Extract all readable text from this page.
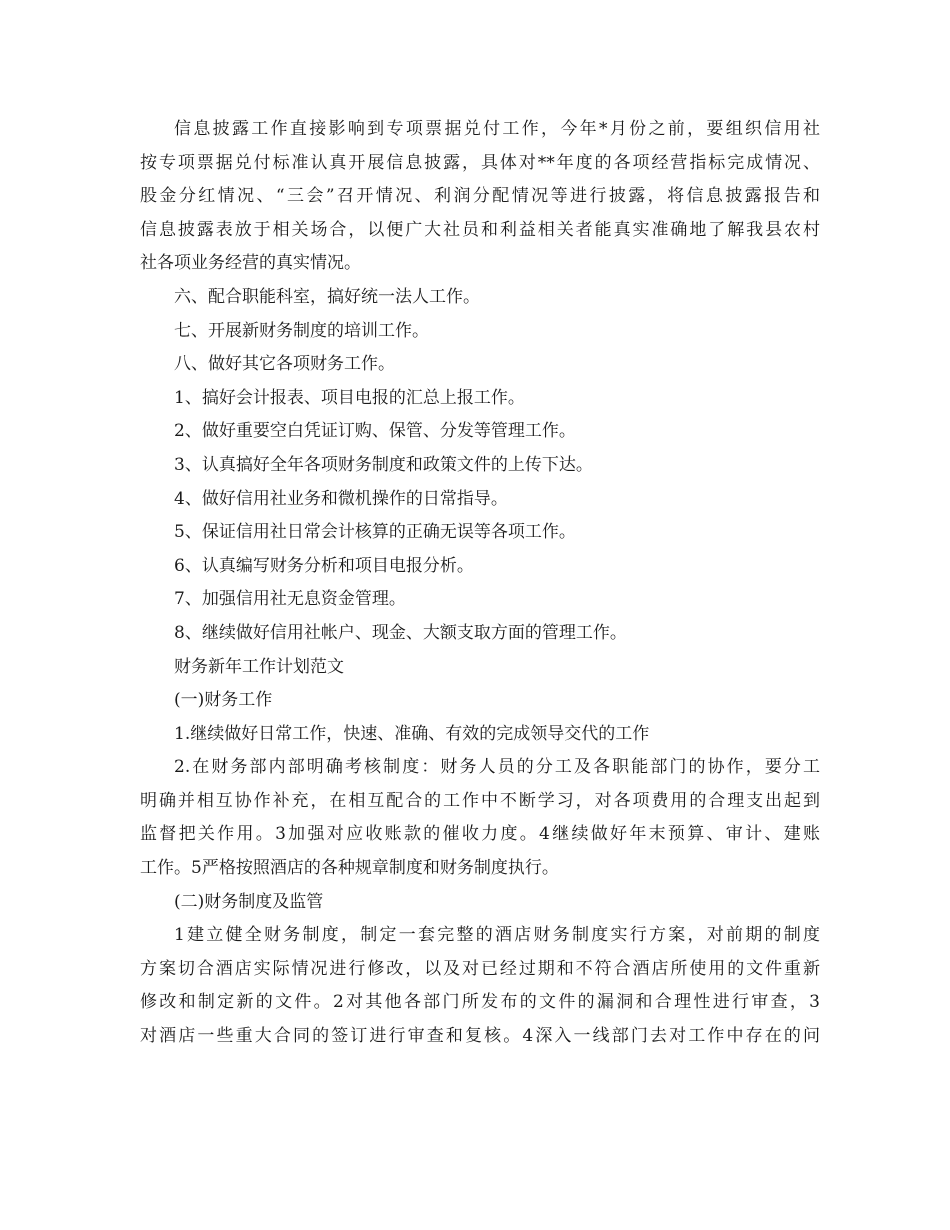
信息披露工作直接影响到专项票据兑付工作，今年*月份之前，要组织信用社
按专项票据兑付标准认真开展信息披露，具体对**年度的各项经营指标完成情况、
股金分红情况、“三会”召开情况、利润分配情况等进行披露，将信息披露报告和
信息披露表放于相关场合，以便广大社员和利益相关者能真实准确地了解我县农村
社各项业务经营的真实情况。
六、配合职能科室，搞好统一法人工作。
七、开展新财务制度的培训工作。
八、做好其它各项财务工作。
1、搞好会计报表、项目电报的汇总上报工作。
2、做好重要空白凭证订购、保管、分发等管理工作。
3、认真搞好全年各项财务制度和政策文件的上传下达。
4、做好信用社业务和微机操作的日常指导。
5、保证信用社日常会计核算的正确无误等各项工作。
6、认真编写财务分析和项目电报分析。
7、加强信用社无息资金管理。
8、继续做好信用社帐户、现金、大额支取方面的管理工作。
财务新年工作计划范文
(一)财务工作
1.继续做好日常工作，快速、准确、有效的完成领导交代的工作
2.在财务部内部明确考核制度：财务人员的分工及各职能部门的协作，要分工
明确并相互协作补充，在相互配合的工作中不断学习，对各项费用的合理支出起到
监督把关作用。3加强对应收账款的催收力度。4继续做好年末预算、审计、建账
工作。5严格按照酒店的各种规章制度和财务制度执行。
(二)财务制度及监管
1建立健全财务制度，制定一套完整的酒店财务制度实行方案，对前期的制度
方案切合酒店实际情况进行修改，以及对已经过期和不符合酒店所使用的文件重新
修改和制定新的文件。2对其他各部门所发布的文件的漏洞和合理性进行审查，3
对酒店一些重大合同的签订进行审查和复核。4深入一线部门去对工作中存在的问
